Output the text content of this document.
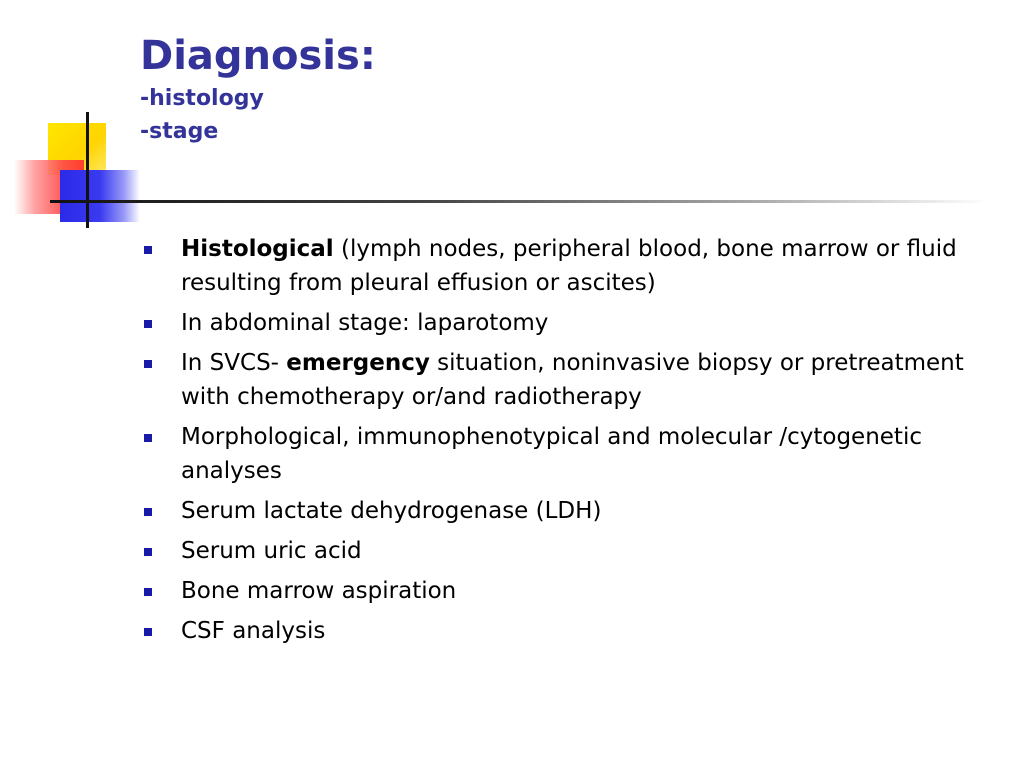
Diagnosis:

-histology

-stage

Histological (lymph nodes, peripheral blood, bone marrow or fluid resulting from pleural effusion or ascites)
In abdominal stage: laparotomy
In SVCS- emergency situation, noninvasive biopsy or pretreatment with chemotherapy or/and radiotherapy
Morphological, immunophenotypical and molecular /cytogenetic analyses
Serum lactate dehydrogenase (LDH)
Serum uric acid
Bone marrow aspiration
CSF analysis
